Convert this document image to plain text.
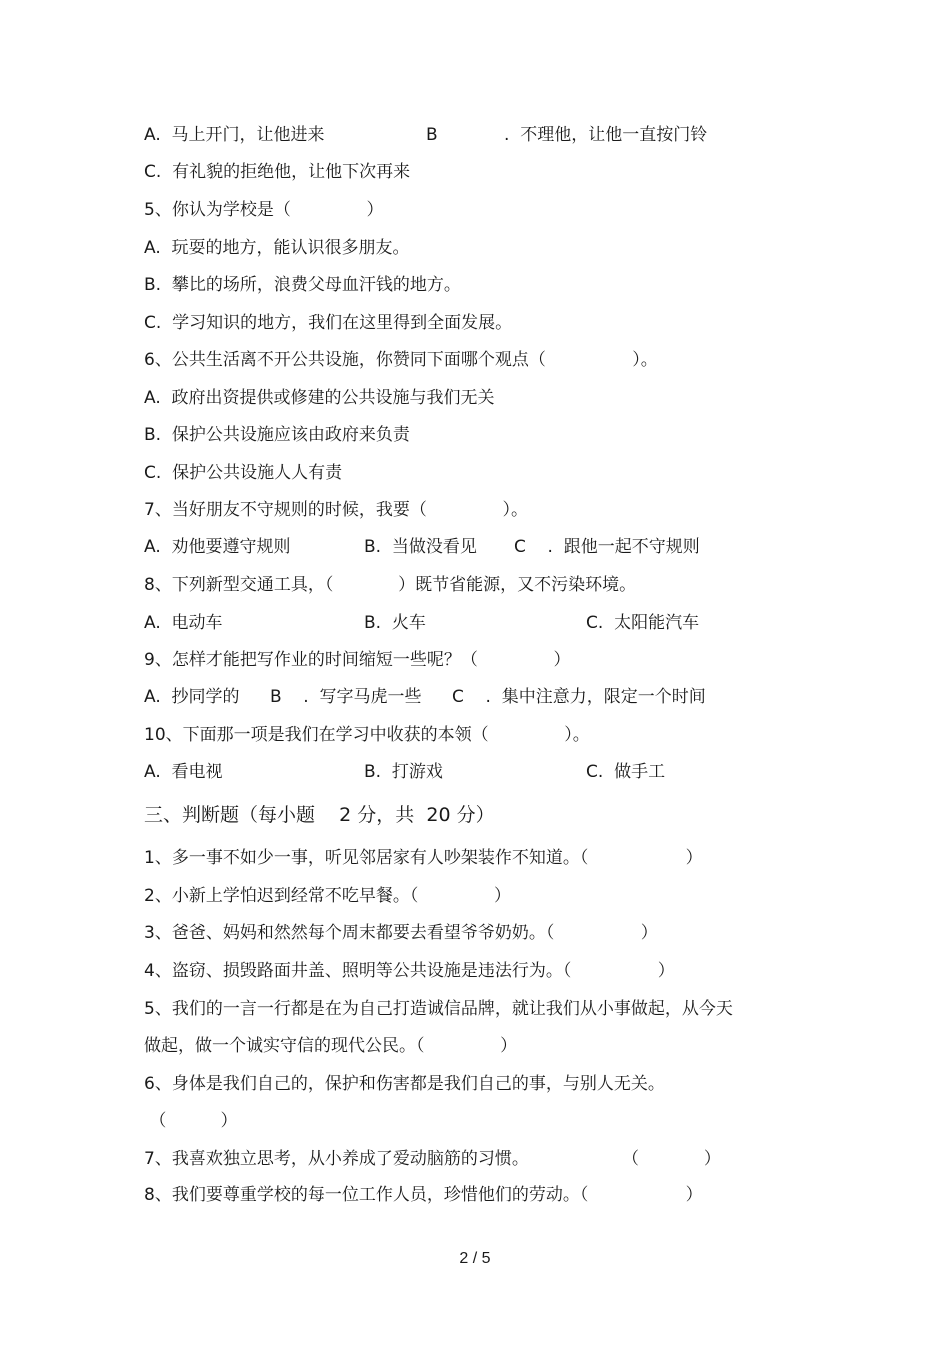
A.  马上开门，让他进来	B	.  不理他，让他一直按门铃
C.  有礼貌的拒绝他，让他下次再来
5、你认为学校是（              ）
A.  玩耍的地方，能认识很多朋友。
B.  攀比的场所，浪费父母血汗钱的地方。
C.  学习知识的地方，我们在这里得到全面发展。
6、公共生活离不开公共设施，你赞同下面哪个观点（                ）。
A.  政府出资提供或修建的公共设施与我们无关
B.  保护公共设施应该由政府来负责
C.  保护公共设施人人有责
7、当好朋友不守规则的时候，我要（              ）。
A.  劝他要遵守规则	B.  当做没看见 C    .  跟他一起不守规则
8、下列新型交通工具，（            ）既节省能源，又不污染环境。
A.  电动车	B.  火车	C.  太阳能汽车
9、怎样才能把写作业的时间缩短一些呢？（              ）
A.  抄同学的 B    .  写字马虎一些 C    .  集中注意力，限定一个时间
10、下面那一项是我们在学习中收获的本领（              ）。
A.  看电视	B.  打游戏	C.  做手工
三、判断题（每小题    2 分，共  20 分）
1、多一事不如少一事，听见邻居家有人吵架装作不知道。（                  ）
2、小新上学怕迟到经常不吃早餐。（              ）
3、爸爸、妈妈和然然每个周末都要去看望爷爷奶奶。（                ）
4、盗窃、损毁路面井盖、照明等公共设施是违法行为。（                ）
5、我们的一言一行都是在为自己打造诚信品牌，就让我们从小事做起，从今天
做起，做一个诚实守信的现代公民。（              ）
6、身体是我们自己的，保护和伤害都是我们自己的事，与别人无关。
（          ）
7、我喜欢独立思考，从小养成了爱动脑筋的习惯。	（            ）
8、我们要尊重学校的每一位工作人员，珍惜他们的劳动。（                  ）
2 / 5
